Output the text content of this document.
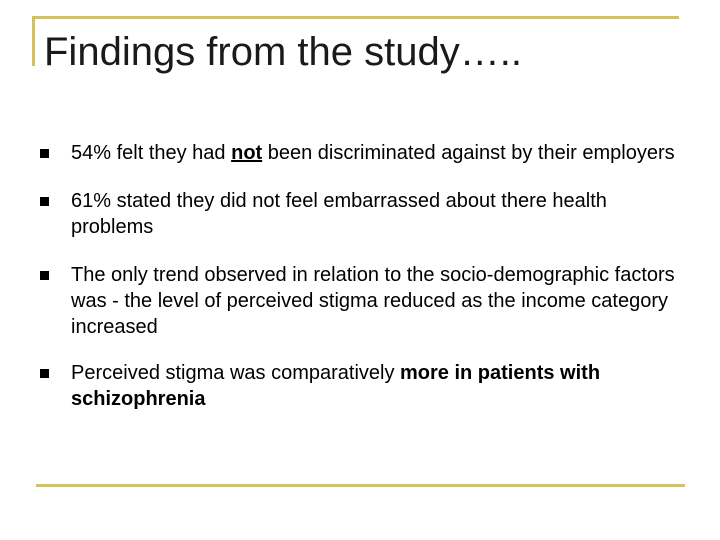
Findings from the study…..
54% felt they had not been discriminated against by their employers
61% stated they did not feel embarrassed about there health problems
The only trend observed in relation to the socio-demographic factors was - the level of perceived stigma reduced as the income category increased
Perceived stigma was comparatively more in patients with schizophrenia
